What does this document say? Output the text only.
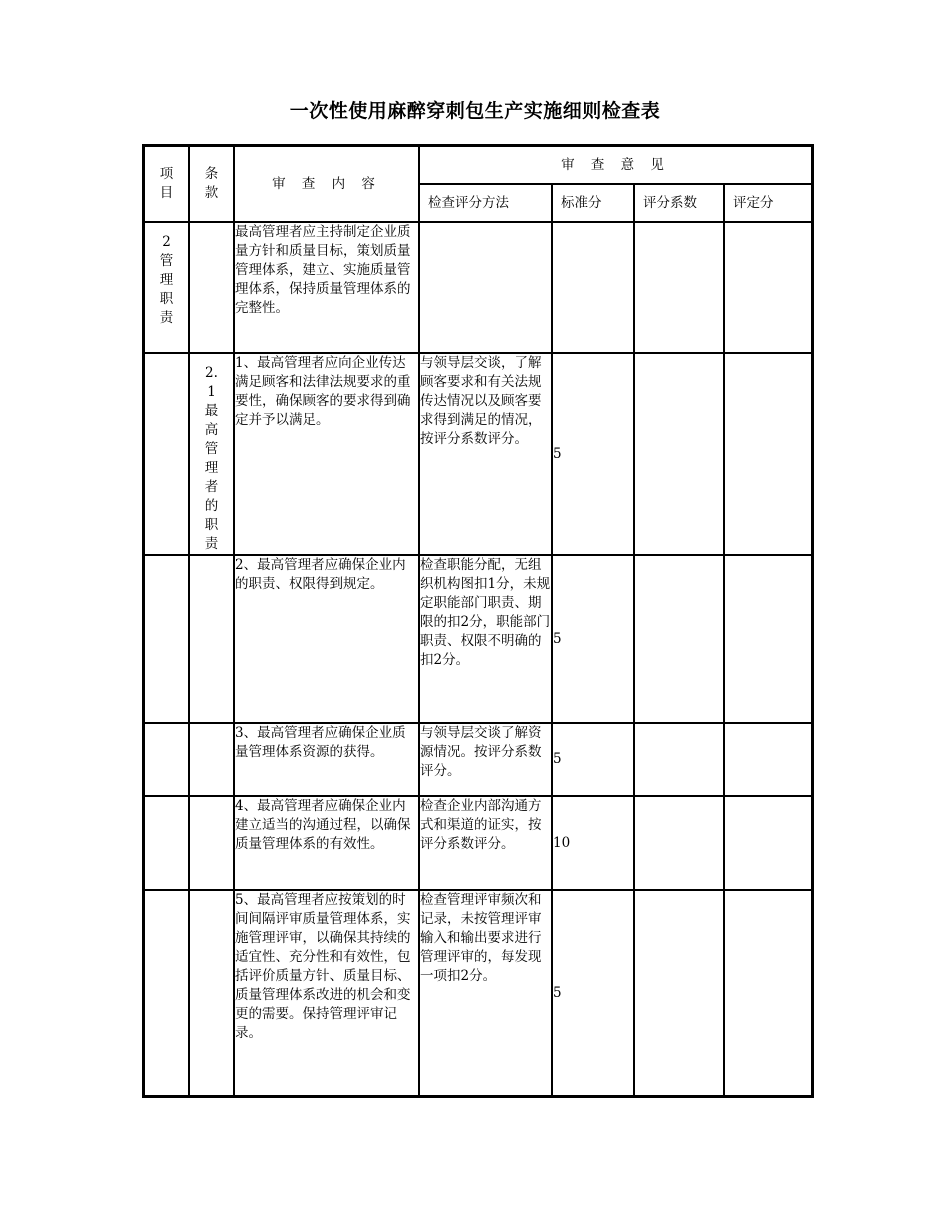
一次性使用麻醉穿刺包生产实施细则检查表
项目	条款	审 查 内 容	审 查 意 见			
			检查评分方法	标准分	评分系数	评定分

2管理职责		最高管理者应主持制定企业质量方针和质量目标，策划质量管理体系，建立、实施质量管理体系，保持质量管理体系的完整性。				

	2.1最高管理者的职责	1、最高管理者应向企业传达满足顾客和法律法规要求的重要性，确保顾客的要求得到确定并予以满足。	与领导层交谈，了解顾客要求和有关法规传达情况以及顾客要求得到满足的情况，按评分系数评分。	5		

	2、最高管理者应确保企业内的职责、权限得到规定。	检查职能分配，无组织机构图扣1分，未规定职能部门职责、期限的扣2分，职能部门职责、权限不明确的扣2分。	5		

	3、最高管理者应确保企业质量管理体系资源的获得。	与领导层交谈了解资源情况。按评分系数评分。	5		

	4、最高管理者应确保企业内建立适当的沟通过程，以确保质量管理体系的有效性。	检查企业内部沟通方式和渠道的证实，按评分系数评分。	10		

	5、最高管理者应按策划的时间间隔评审质量管理体系，实施管理评审，以确保其持续的适宜性、充分性和有效性，包括评价质量方针、质量目标、质量管理体系改进的机会和变更的需要。保持管理评审记录。	检查管理评审频次和记录，未按管理评审输入和输出要求进行管理评审的，每发现一项扣2分。	5		
